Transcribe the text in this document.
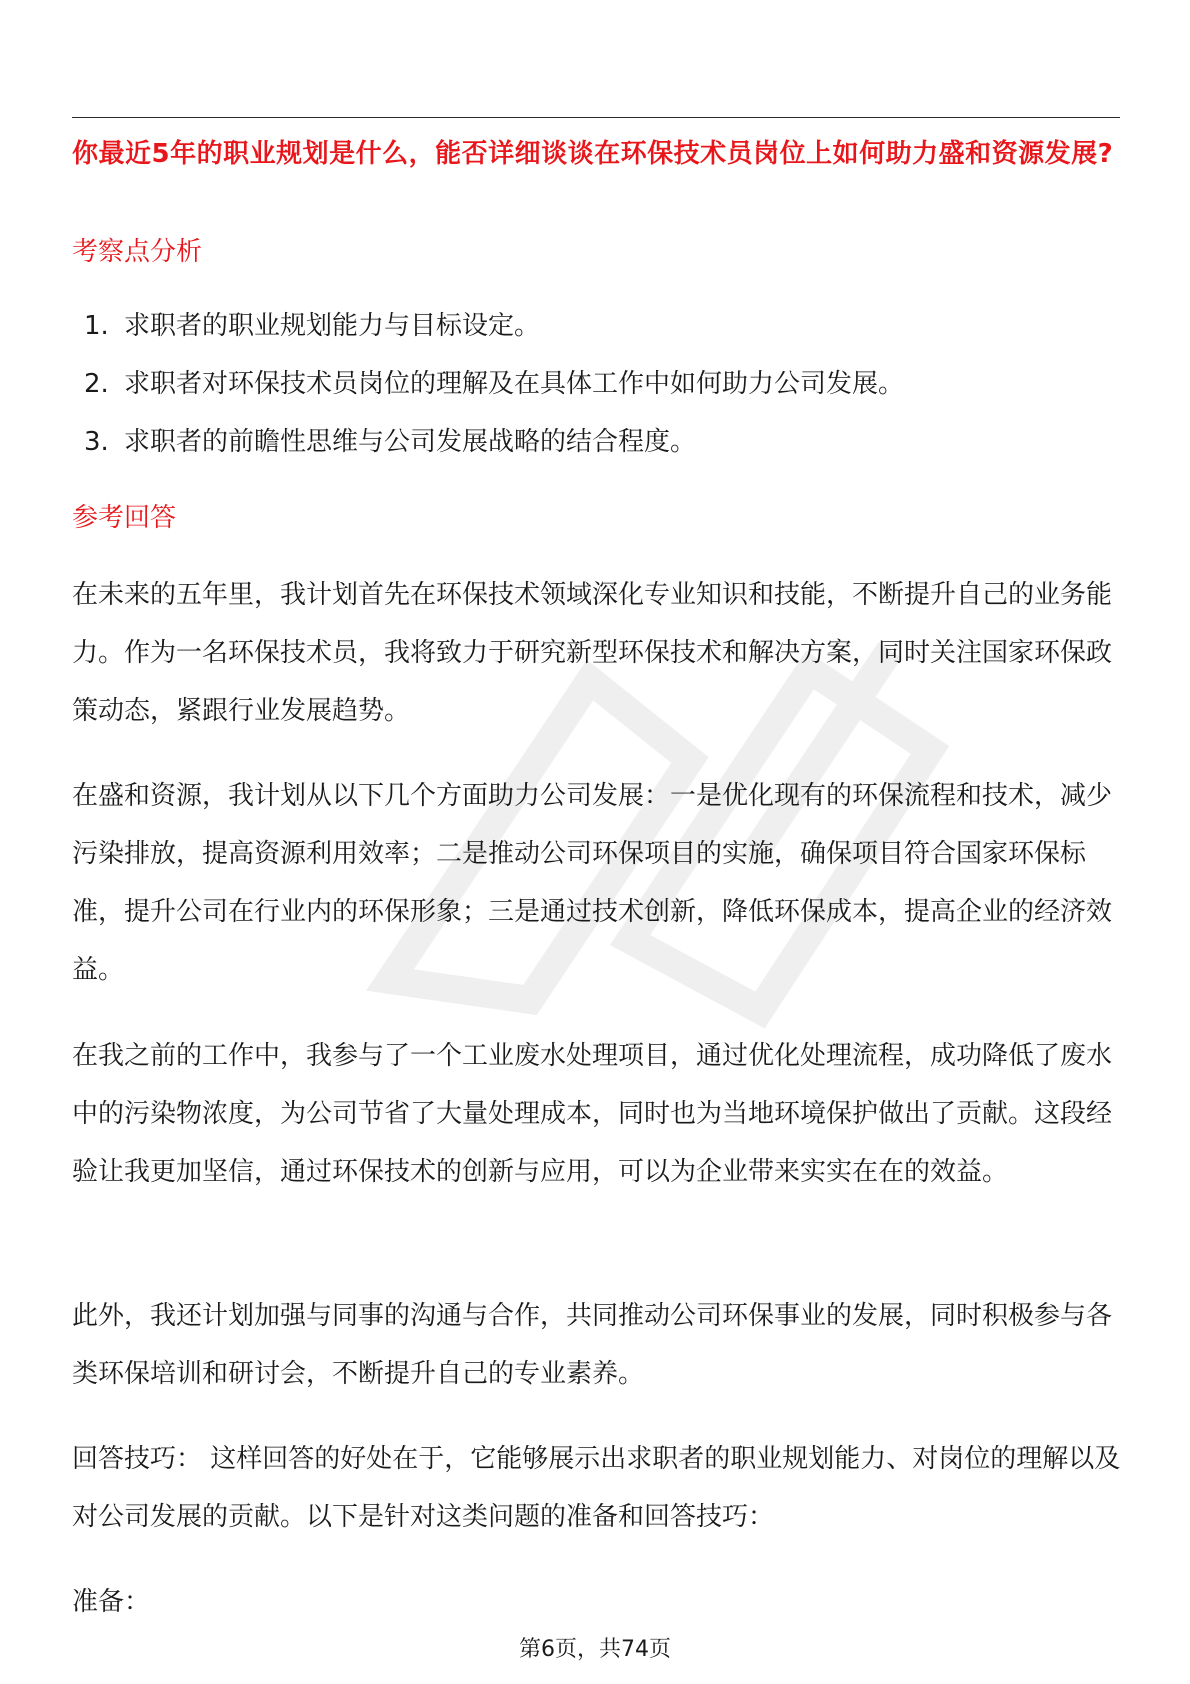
你最近5年的职业规划是什么，能否详细谈谈在环保技术员岗位上如何助力盛和资源发展?
考察点分析
1. 求职者的职业规划能力与目标设定。
2. 求职者对环保技术员岗位的理解及在具体工作中如何助力公司发展。
3. 求职者的前瞻性思维与公司发展战略的结合程度。
参考回答

在未来的五年里，我计划首先在环保技术领域深化专业知识和技能，不断提升自己的业务能力。作为一名环保技术员，我将致力于研究新型环保技术和解决方案，同时关注国家环保政策动态，紧跟行业发展趋势。

在盛和资源，我计划从以下几个方面助力公司发展：一是优化现有的环保流程和技术，减少污染排放，提高资源利用效率；二是推动公司环保项目的实施，确保项目符合国家环保标准，提升公司在行业内的环保形象；三是通过技术创新，降低环保成本，提高企业的经济效益。

在我之前的工作中，我参与了一个工业废水处理项目，通过优化处理流程，成功降低了废水中的污染物浓度，为公司节省了大量处理成本，同时也为当地环境保护做出了贡献。这段经验让我更加坚信，通过环保技术的创新与应用，可以为企业带来实实在在的效益。

此外，我还计划加强与同事的沟通与合作，共同推动公司环保事业的发展，同时积极参与各类环保培训和研讨会，不断提升自己的专业素养。

回答技巧： 这样回答的好处在于，它能够展示出求职者的职业规划能力、对岗位的理解以及对公司发展的贡献。以下是针对这类问题的准备和回答技巧：

准备：

第6页，共74页
